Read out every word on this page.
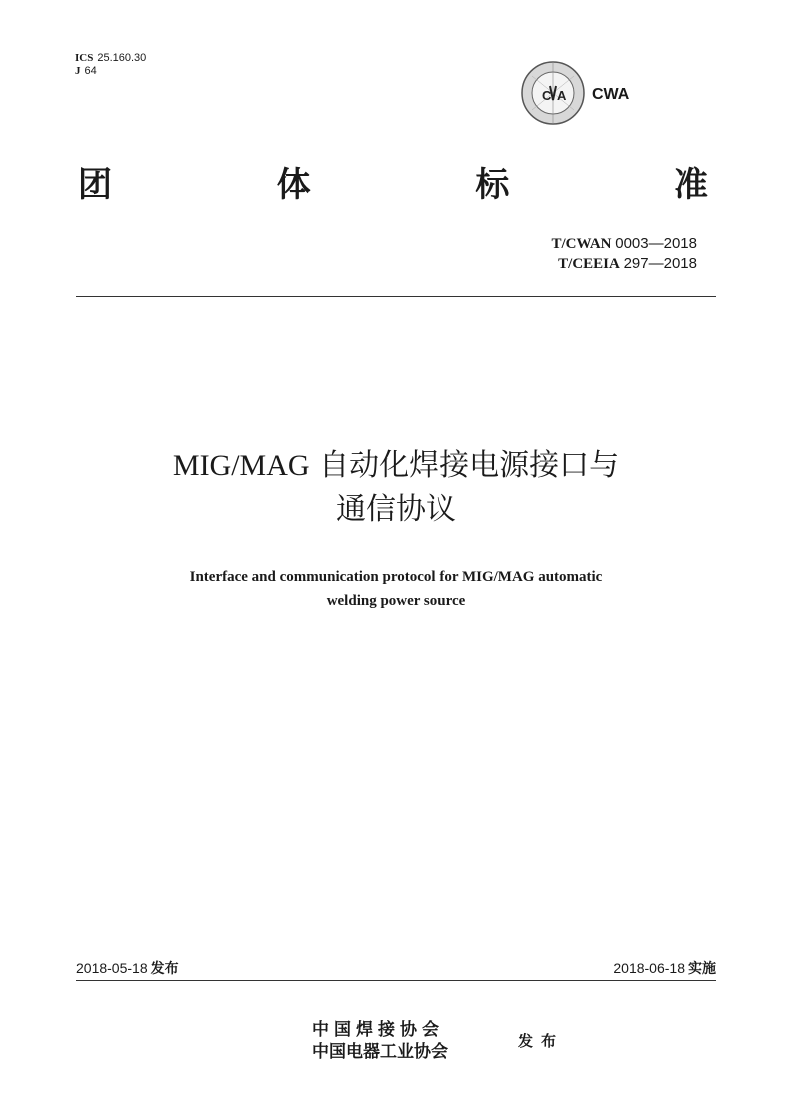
ICS 25.160.30
J 64
C A CWA
团	体	标	准
T/CWAN 0003—2018
T/CEEIA 297—2018
MIG/MAG 自动化焊接电源接口与
通信协议
Interface and communication protocol for MIG/MAG automatic
welding power source
2018-05-18 发布	2018-06-18 实施
中国焊接协会
中国电器工业协会
发布
